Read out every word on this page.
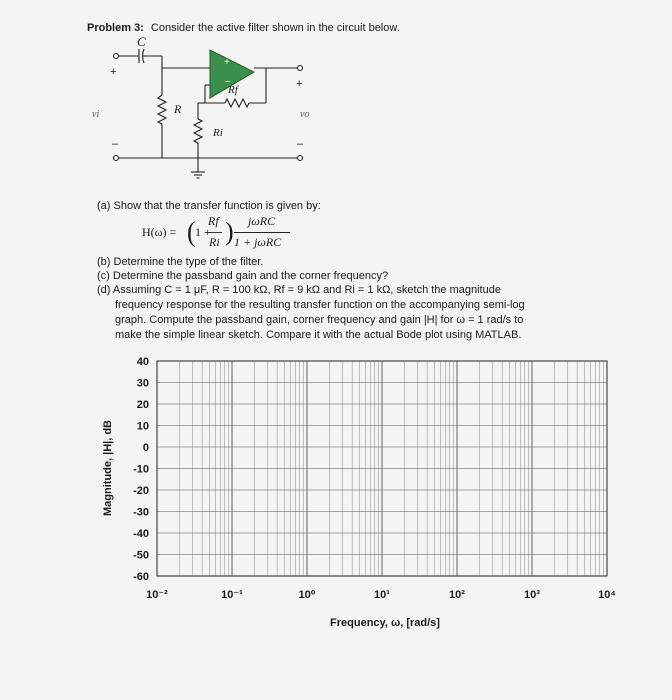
Problem 3: Consider the active filter shown in the circuit below.
C
+
+
–	–
+
–
Rf
R
Ri
vi	vo
(a) Show that the transfer function is given by:
H(ω) = ( 1 +
Rf
Ri ) jωRC
1 + jωRC
(b) Determine the type of the filter.
(c) Determine the passband gain and the corner frequency?
(d) Assuming C = 1 μF, R = 100 kΩ, Rf = 9 kΩ and Ri = 1 kΩ, sketch the magnitude
frequency response for the resulting transfer function on the accompanying semi-log
graph. Compute the passband gain, corner frequency and gain |H| for ω = 1 rad/s to
make the simple linear sketch. Compare it with the actual Bode plot using MATLAB.
40
30
20
10
0
-10
-20
-30
-40
-50
-60
10⁻²	10⁻¹	10⁰	10¹	10²	10³	10⁴
Frequency, ω, [rad/s]
Magnitude, |H|, dB
